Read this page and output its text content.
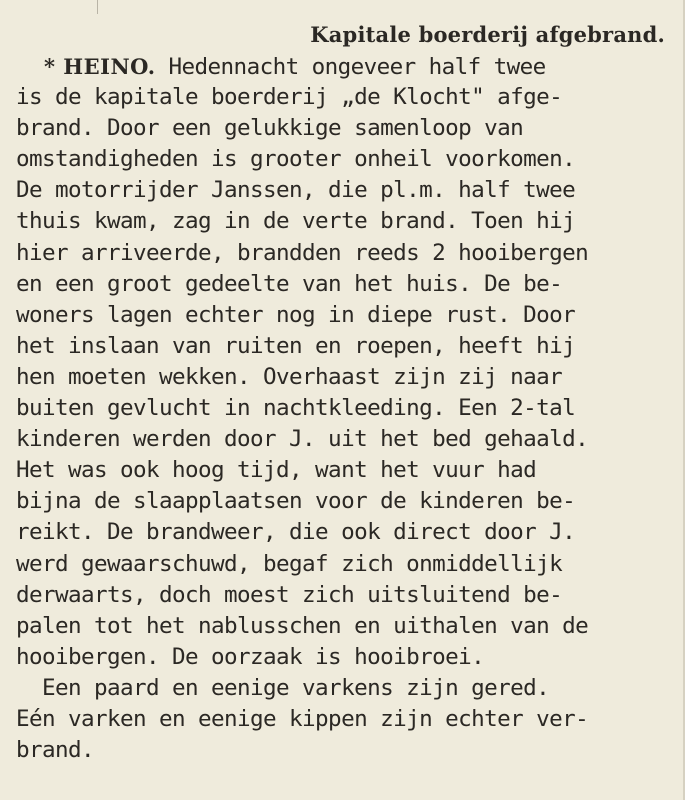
Kapitale boerderij afgebrand.
* HEINO. Hedennacht ongeveer half twee
is de kapitale boerderij „de Klocht" afge-
brand. Door een gelukkige samenloop van
omstandigheden is grooter onheil voorkomen.
De motorrijder Janssen, die pl.m. half twee
thuis kwam, zag in de verte brand. Toen hij
hier arriveerde, brandden reeds 2 hooibergen
en een groot gedeelte van het huis. De be-
woners lagen echter nog in diepe rust. Door
het inslaan van ruiten en roepen, heeft hij
hen moeten wekken. Overhaast zijn zij naar
buiten gevlucht in nachtkleeding. Een 2-tal
kinderen werden door J. uit het bed gehaald.
Het was ook hoog tijd, want het vuur had
bijna de slaapplaatsen voor de kinderen be-
reikt. De brandweer, die ook direct door J.
werd gewaarschuwd, begaf zich onmiddellijk
derwaarts, doch moest zich uitsluitend be-
palen tot het nablusschen en uithalen van de
hooibergen. De oorzaak is hooibroei.
Een paard en eenige varkens zijn gered.
Eén varken en eenige kippen zijn echter ver-
brand.
